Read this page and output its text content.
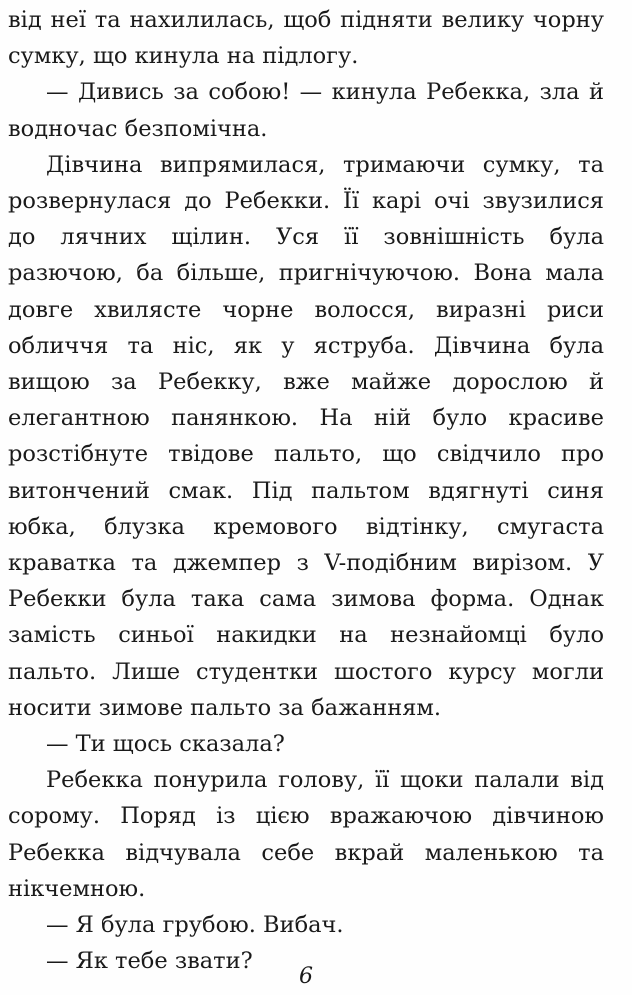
від неї та нахилилась, щоб підняти велику чорну сумку, що кинула на підлогу.

— Дивись за собою! — кинула Ребекка, зла й водночас безпомічна.

Дівчина випрямилася, тримаючи сумку, та розвернулася до Ребекки. Її карі очі звузилися до лячних щілин. Уся її зовнішність була разючою, ба більше, пригнічуючою. Вона мала довге хвилясте чорне волосся, виразні риси обличчя та ніс, як у яструба. Дівчина була вищою за Ребекку, вже майже дорослою й елегантною панянкою. На ній було красиве розстібнуте твідове пальто, що свідчило про витончений смак. Під пальтом вдягнуті синя юбка, блузка кремового відтінку, смугаста краватка та джемпер з V-подібним вирізом. У Ребекки була така сама зимова форма. Однак замість синьої накидки на незнайомці було пальто. Лише студентки шостого курсу могли носити зимове пальто за бажанням.

— Ти щось сказала?

Ребекка понурила голову, її щоки палали від сорому. Поряд із цією вражаючою дівчиною Ребекка відчувала себе вкрай маленькою та нікчемною.

— Я була грубою. Вибач.

— Як тебе звати?

6
